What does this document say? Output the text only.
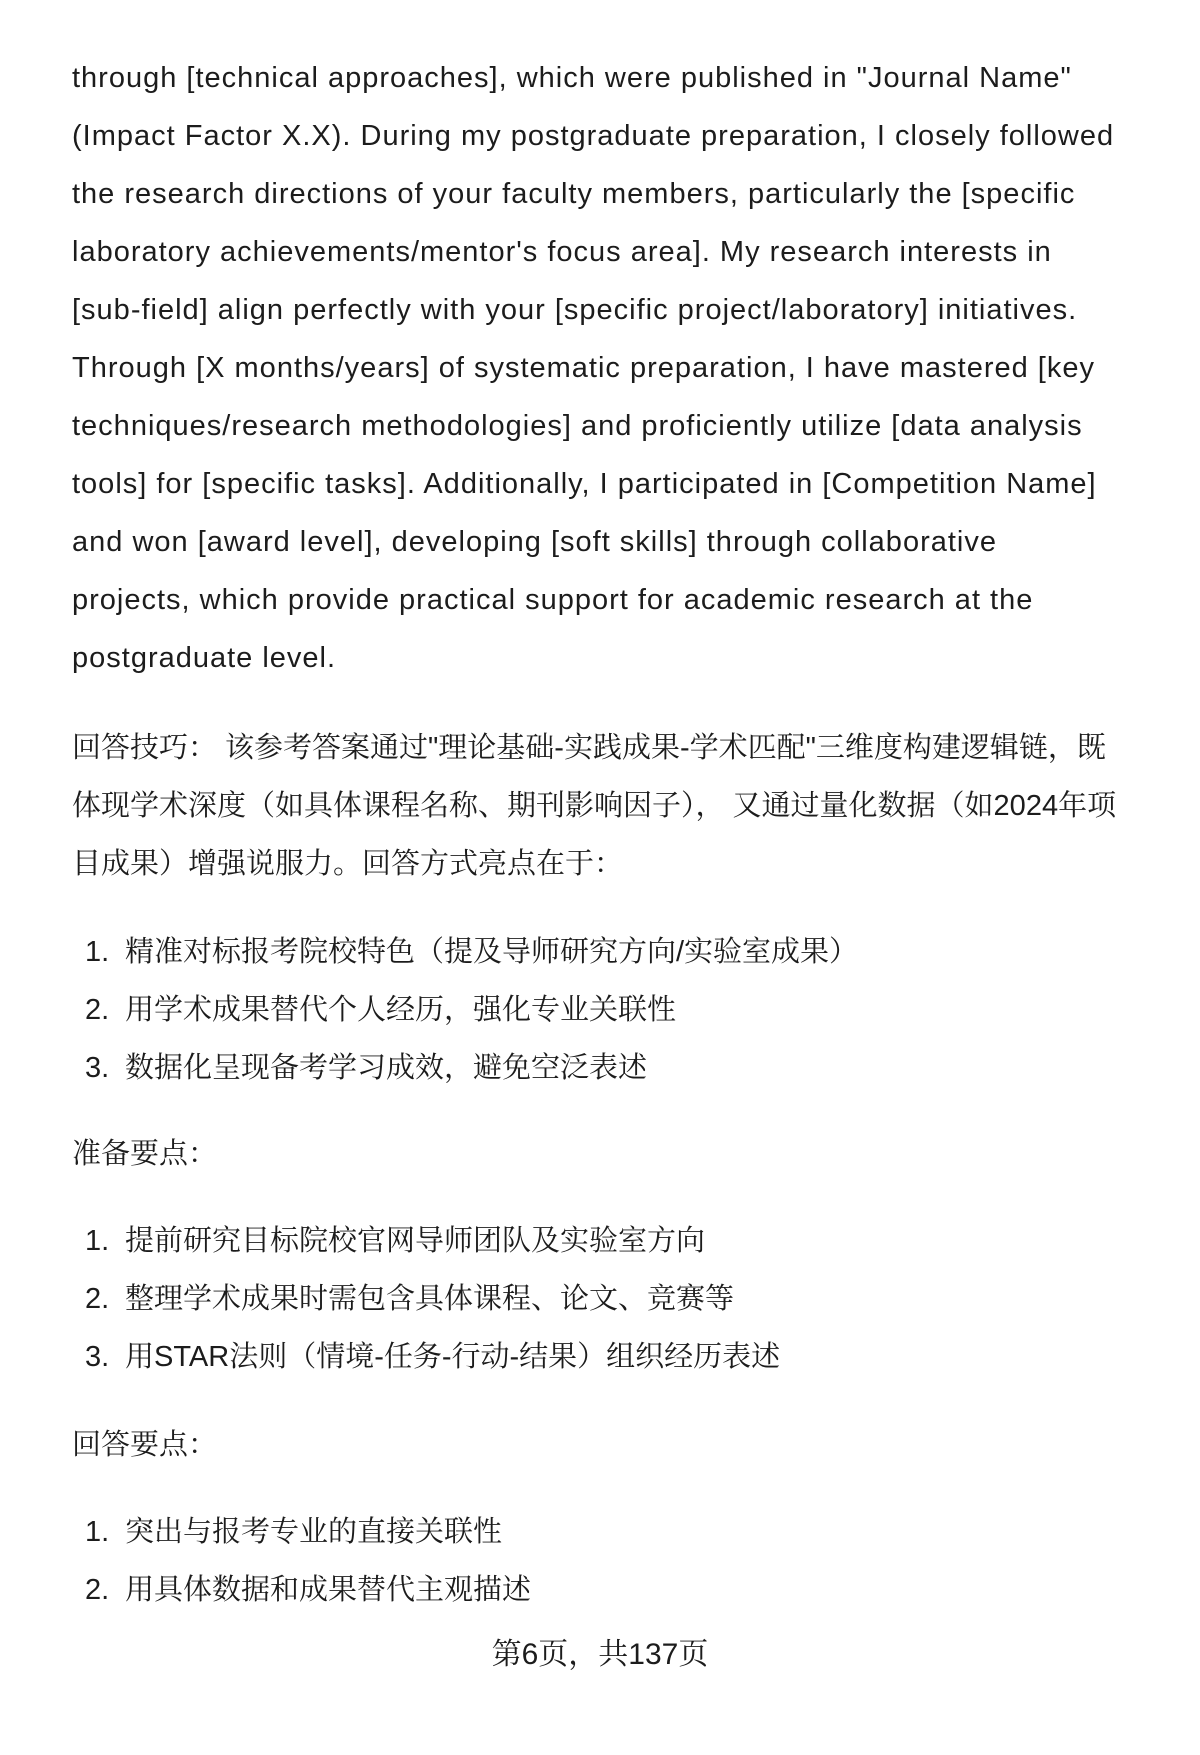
through [technical approaches], which were published in "Journal Name"
(Impact Factor X.X). During my postgraduate preparation, I closely followed
the research directions of your faculty members, particularly the [specific
laboratory achievements/mentor's focus area]. My research interests in
[sub-field] align perfectly with your [specific project/laboratory] initiatives.
Through [X months/years] of systematic preparation, I have mastered [key
techniques/research methodologies] and proficiently utilize [data analysis
tools] for [specific tasks]. Additionally, I participated in [Competition Name]
and won [award level], developing [soft skills] through collaborative
projects, which provide practical support for academic research at the
postgraduate level.
回答技巧： 该参考答案通过"理论基础-实践成果-学术匹配"三维度构建逻辑链，既
体现学术深度（如具体课程名称、期刊影响因子）， 又通过量化数据（如2024年项
目成果）增强说服力。回答方式亮点在于：
1. 精准对标报考院校特色（提及导师研究方向/实验室成果）
2. 用学术成果替代个人经历，强化专业关联性
3. 数据化呈现备考学习成效，避免空泛表述
准备要点：
1. 提前研究目标院校官网导师团队及实验室方向
2. 整理学术成果时需包含具体课程、论文、竞赛等
3. 用STAR法则（情境-任务-行动-结果）组织经历表述
回答要点：
1. 突出与报考专业的直接关联性
2. 用具体数据和成果替代主观描述
第6页，共137页
